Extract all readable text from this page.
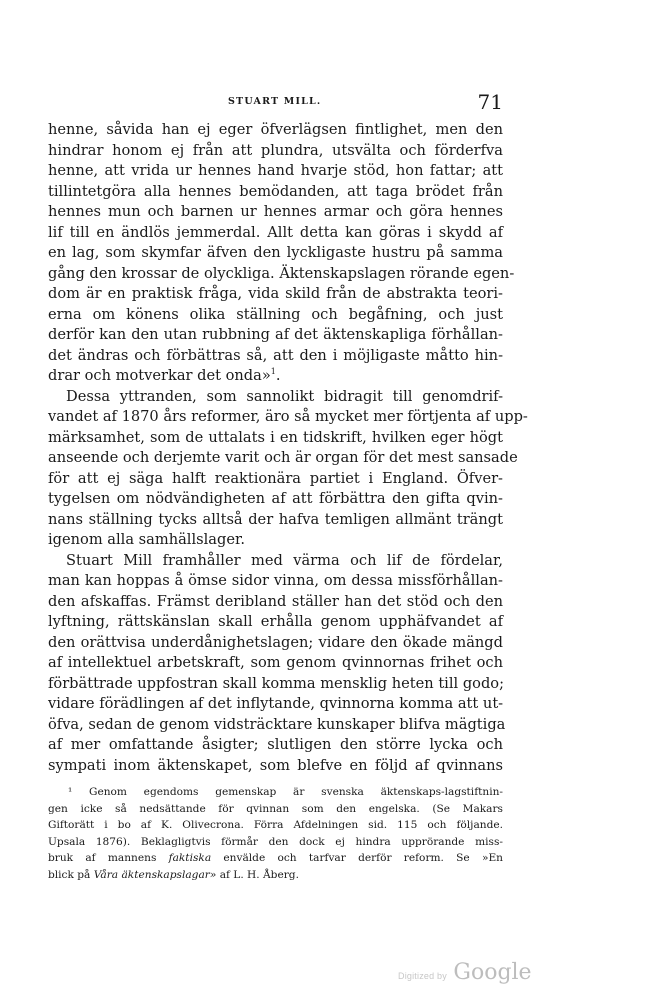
STUART MILL.	71
henne, såvida han ej eger öfverlägsen fintlighet, men den
hindrar honom ej från att plundra, utsvälta och förderfva
henne, att vrida ur hennes hand hvarje stöd, hon fattar; att
tillintetgöra alla hennes bemödanden, att taga brödet från
hennes mun och barnen ur hennes armar och göra hennes
lif till en ändlös jemmerdal. Allt detta kan göras i skydd af
en lag, som skymfar äfven den lyckligaste hustru på samma
gång den krossar de olyckliga. Äktenskapslagen rörande egen-
dom är en praktisk fråga, vida skild från de abstrakta teori-
erna om könens olika ställning och begåfning, och just
derför kan den utan rubbning af det äktenskapliga förhållan-
det ändras och förbättras så, att den i möjligaste måtto hin-
drar och motverkar det onda»$^1$.
Dessa yttranden, som sannolikt bidragit till genomdrif-
vandet af 1870 års reformer, äro så mycket mer förtjenta af upp-
märksamhet, som de uttalats i en tidskrift, hvilken eger högt
anseende och derjemte varit och är organ för det mest sansade
för att ej säga halft reaktionära partiet i England. Öfver-
tygelsen om nödvändigheten af att förbättra den gifta qvin-
nans ställning tycks alltså der hafva temligen allmänt trängt
igenom alla samhällslager.
Stuart Mill framhåller med värma och lif de fördelar,
man kan hoppas å ömse sidor vinna, om dessa missförhållan-
den afskaffas. Främst deribland ställer han det stöd och den
lyftning, rättskänslan skall erhålla genom upphäfvandet af
den orättvisa underdånighetslagen; vidare den ökade mängd
af intellektuel arbetskraft, som genom qvinnornas frihet och
förbättrade uppfostran skall komma mensklig heten till godo;
vidare förädlingen af det inflytande, qvinnorna komma att ut-
öfva, sedan de genom vidsträcktare kunskaper blifva mägtiga
af mer omfattande åsigter; slutligen den större lycka och
sympati inom äktenskapet, som blefve en följd af qvinnans
¹ Genom egendoms gemenskap är svenska äktenskaps-lagstiftnin-
gen icke så nedsättande för qvinnan som den engelska. (Se Makars
Giftorätt i bo af K. Olivecrona. Förra Afdelningen sid. 115 och följande.
Upsala 1876). Beklagligtvis förmår den dock ej hindra upprörande miss-
bruk af mannens faktiska envälde och tarfvar derför reform. Se »En
blick på Våra äktenskapslagar» af L. H. Åberg.
Digitized by Google
